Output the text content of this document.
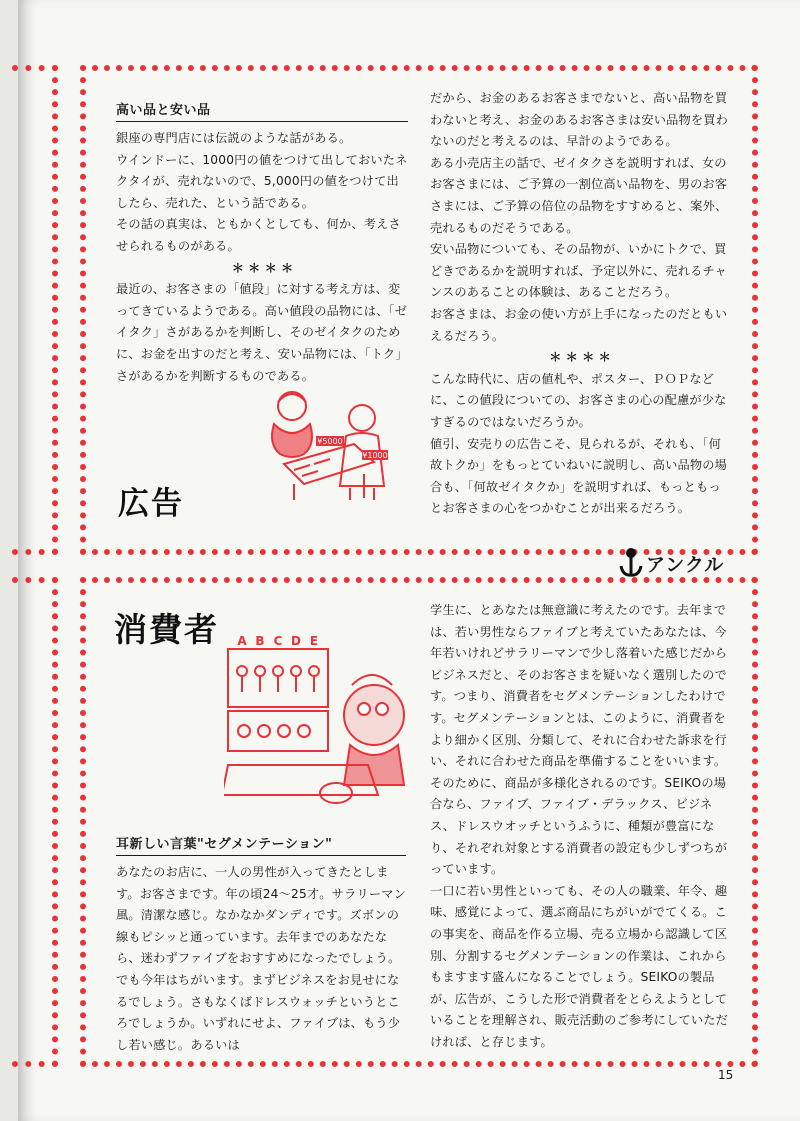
高い品と安い品

銀座の専門店には伝説のような話がある。

ウインドーに、1000円の値をつけて出しておいたネクタイが、売れないので、5,000円の値をつけて出したら、売れた、という話である。

その話の真実は、ともかくとしても、何か、考えさせられるものがある。

＊ ＊ ＊ ＊

最近の、お客さまの「値段」に対する考え方は、変ってきているようである。高い値段の品物には、「ゼイタク」さがあるかを判断し、そのゼイタクのために、お金を出すのだと考え、安い品物には、「トク」さがあるかを判断するものである。

だから、お金のあるお客さまでないと、高い品物を買わないと考え、お金のあるお客さまは安い品物を買わないのだと考えるのは、早計のようである。

ある小売店主の話で、ゼイタクさを説明すれば、女のお客さまには、ご予算の一割位高い品物を、男のお客さまには、ご予算の倍位の品物をすすめると、案外、売れるものだそうである。

安い品物についても、その品物が、いかにトクで、買どきであるかを説明すれば、予定以外に、売れるチャンスのあることの体験は、あることだろう。

お客さまは、お金の使い方が上手になったのだともいえるだろう。

＊ ＊ ＊ ＊

こんな時代に、店の値札や、ポスター、ＰＯＰなどに、この値段についての、お客さまの心の配慮が少なすぎるのではないだろうか。

値引、安売りの広告こそ、見られるが、それも、「何故トクか」をもっとていねいに説明し、高い品物の場合も、「何故ゼイタクか」を説明すれば、もっともっとお客さまの心をつかむことが出来るだろう。

広告
¥5000
¥1000
アンクル
消費者 A B C D E
耳新しい言葉"セグメンテーション"

あなたのお店に、一人の男性が入ってきたとします。お客さまです。年の頃24～25才。サラリーマン風。清潔な感じ。なかなかダンディです。ズボンの線もピシッと通っています。去年までのあなたなら、迷わずファイブをおすすめになったでしょう。でも今年はちがいます。まずビジネスをお見せになるでしょう。さもなくばドレスウォッチというところでしょうか。いずれにせよ、ファイブは、もう少し若い感じ。あるいは

学生に、とあなたは無意識に考えたのです。去年までは、若い男性ならファイブと考えていたあなたは、今年若いけれどサラリーマンで少し落着いた感じだからビジネスだと、そのお客さまを疑いなく選別したのです。つまり、消費者をセグメンテーションしたわけです。セグメンテーションとは、このように、消費者をより細かく区別、分類して、それに合わせた訴求を行い、それに合わせた商品を準備することをいいます。

そのために、商品が多様化されるのです。SEIKOの場合なら、ファイブ、ファイブ・デラックス、ビジネス、ドレスウオッチというふうに、種類が豊富になり、それぞれ対象とする消費者の設定も少しずつちがっています。

一口に若い男性といっても、その人の職業、年令、趣味、感覚によって、選ぶ商品にちがいがでてくる。この事実を、商品を作る立場、売る立場から認識して区別、分割するセグメンテーションの作業は、これからもますます盛んになることでしょう。SEIKOの製品が、広告が、こうした形で消費者をとらえようとしていることを理解され、販売活動のご参考にしていただければ、と存じます。

15
